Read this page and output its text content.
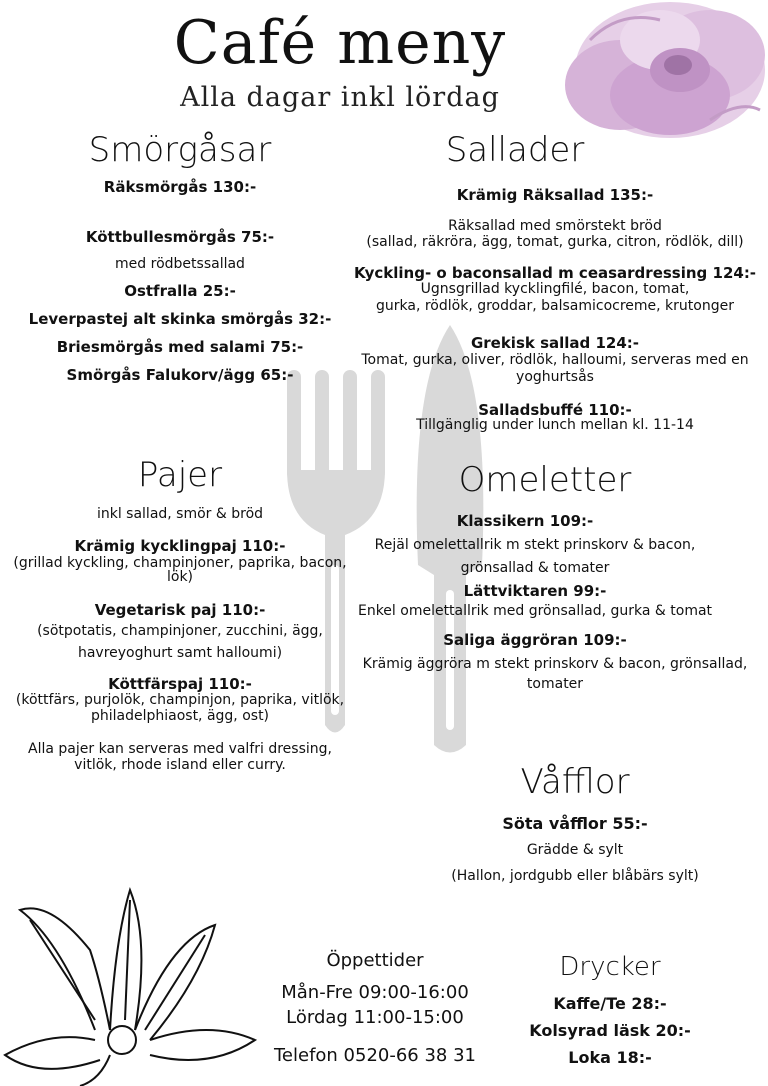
Café meny
Alla dagar inkl lördag
Smörgåsar
Räksmörgås 130:-
Köttbullesmörgås 75:-
med rödbetssallad
Ostfralla 25:-
Leverpastej alt skinka smörgås 32:-
Briesmörgås med salami 75:-
Smörgås Falukorv/ägg 65:-
Sallader
Krämig Räksallad 135:-
Räksallad med smörstekt bröd
(sallad, räkröra, ägg, tomat, gurka, citron, rödlök, dill)
Kyckling- o baconsallad m ceasardressing 124:-
Ugnsgrillad kycklingfilé, bacon, tomat,
gurka, rödlök, groddar, balsamicocreme, krutonger
Grekisk sallad 124:-
Tomat, gurka, oliver, rödlök, halloumi, serveras med en
yoghurtsås
Salladsbuffé 110:-
Tillgänglig under lunch mellan kl. 11-14
Pajer
inkl sallad, smör & bröd
Krämig kycklingpaj 110:-
(grillad kyckling, champinjoner, paprika, bacon,
lök)
Vegetarisk paj 110:-
(sötpotatis, champinjoner, zucchini, ägg,
havreyoghurt samt halloumi)
Köttfärspaj 110:-
(köttfärs, purjolök, champinjon, paprika, vitlök,
philadelphiaost, ägg, ost)
Alla pajer kan serveras med valfri dressing,
vitlök, rhode island eller curry.
Omeletter
Klassikern 109:-
Rejäl omelettallrik m stekt prinskorv & bacon,
grönsallad & tomater
Lättviktaren 99:-
Enkel omelettallrik med grönsallad, gurka & tomat
Saliga äggröran 109:-
Krämig äggröra m stekt prinskorv & bacon, grönsallad,
tomater
Våfflor
Söta våfflor 55:-
Grädde & sylt
(Hallon, jordgubb eller blåbärs sylt)
Öppettider
Mån-Fre 09:00-16:00
Lördag 11:00-15:00
Telefon 0520-66 38 31
Drycker
Kaffe/Te 28:-
Kolsyrad läsk 20:-
Loka 18:-
